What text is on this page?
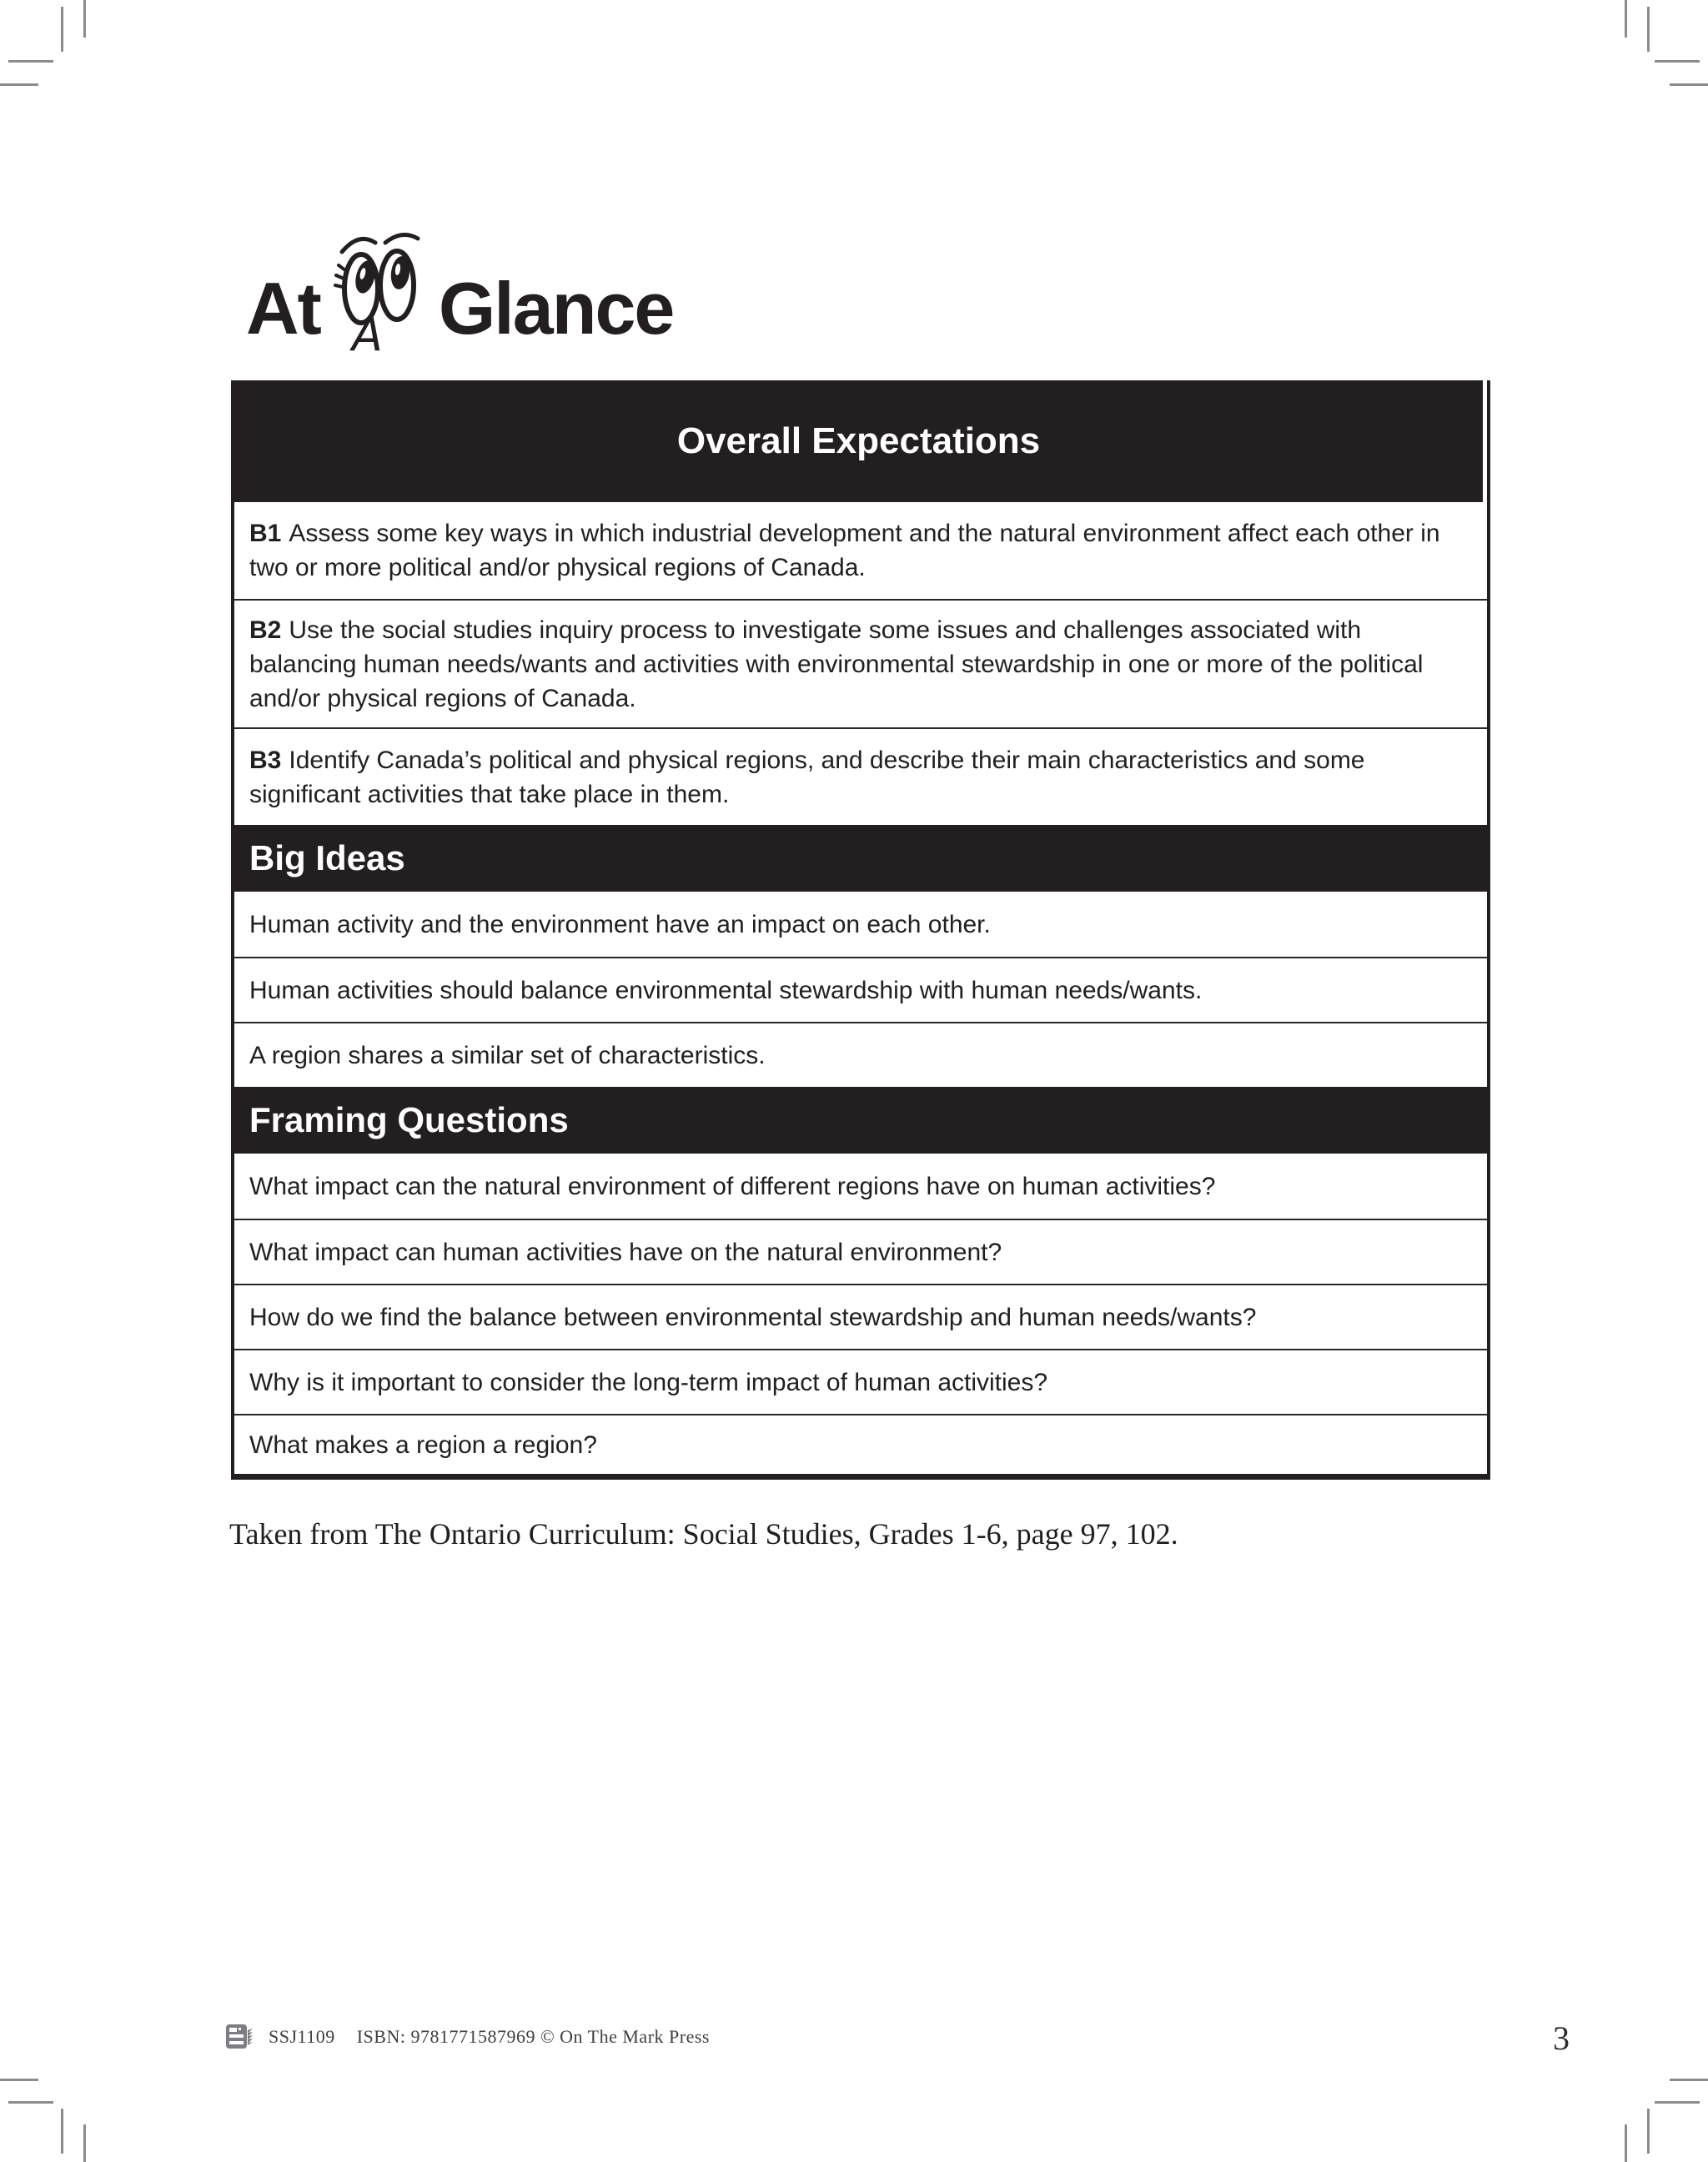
At A Glance
Overall Expectations
B1 Assess some key ways in which industrial development and the natural environment affect each other in two or more political and/or physical regions of Canada.
B2 Use the social studies inquiry process to investigate some issues and challenges associated with balancing human needs/wants and activities with environmental stewardship in one or more of the political and/or physical regions of Canada.
B3 Identify Canada’s political and physical regions, and describe their main characteristics and some significant activities that take place in them.
Big Ideas
Human activity and the environment have an impact on each other.
Human activities should balance environmental stewardship with human needs/wants.
A region shares a similar set of characteristics.
Framing Questions
What impact can the natural environment of different regions have on human activities?
What impact can human activities have on the natural environment?
How do we find the balance between environmental stewardship and human needs/wants?
Why is it important to consider the long-term impact of human activities?
What makes a region a region?
Taken from The Ontario Curriculum: Social Studies, Grades 1-6, page 97, 102.
SSJ1109 ISBN: 9781771587969 © On The Mark Press	3
